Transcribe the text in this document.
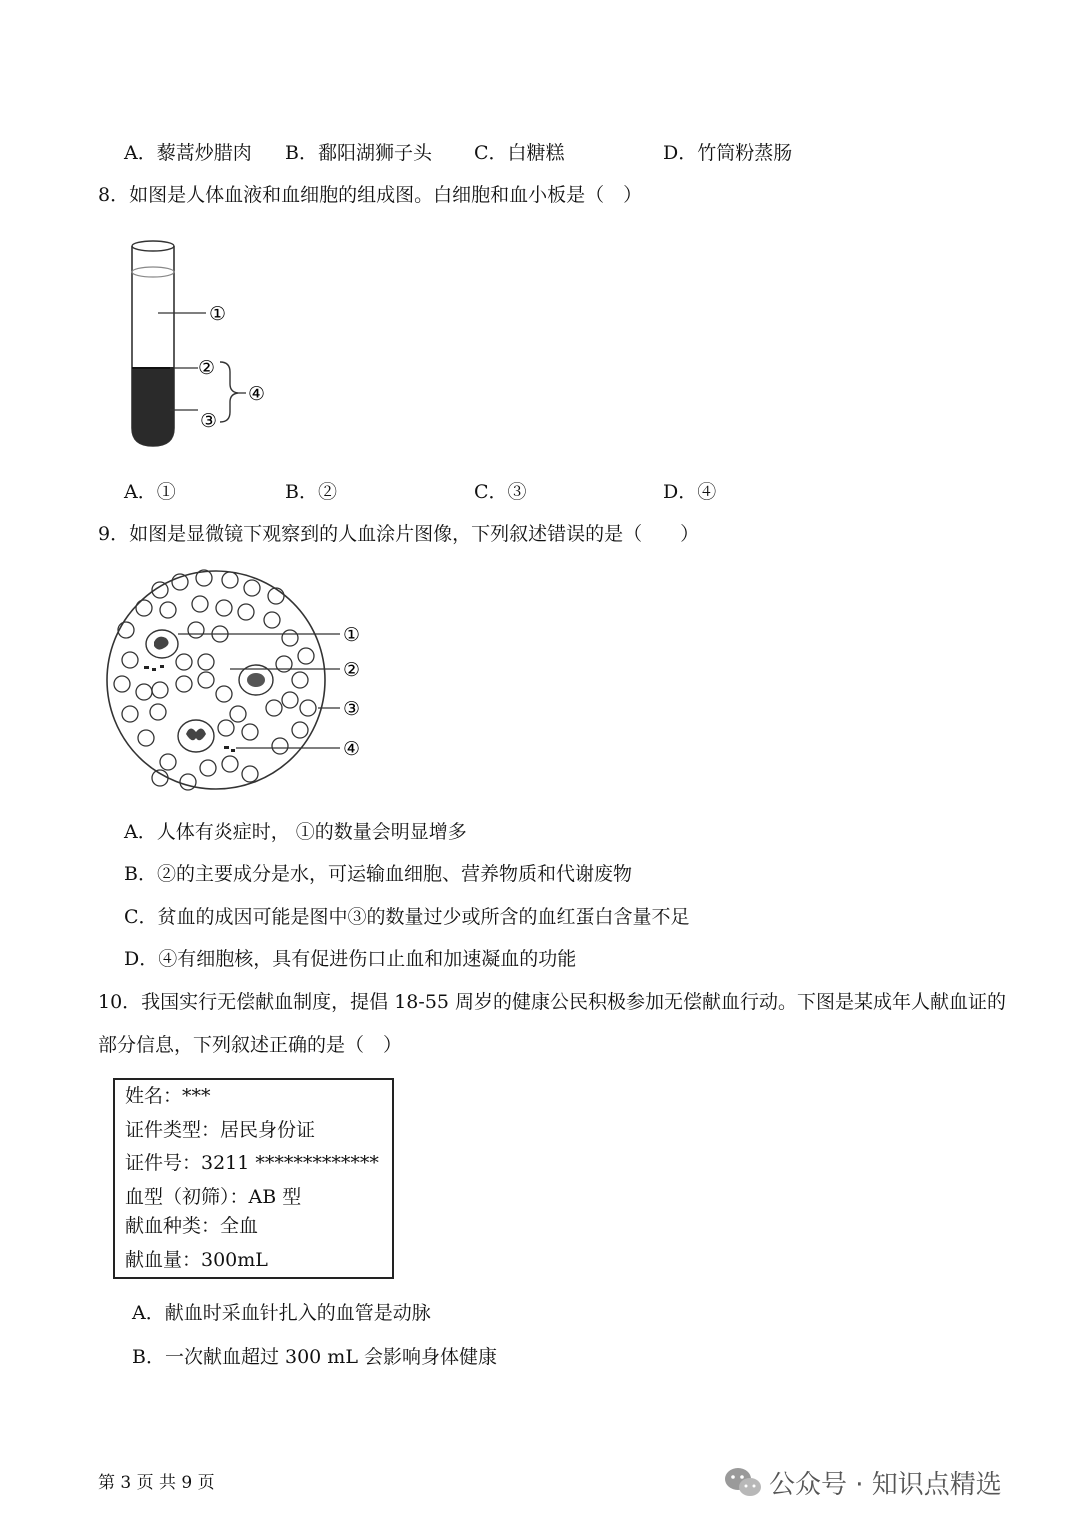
A．藜蒿炒腊肉 B．鄱阳湖狮子头 C．白糖糕	D．竹筒粉蒸肠
8．如图是人体血液和血细胞的组成图。白细胞和血小板是（　）
①
②
③
④
A．①	B．②	C．③	D．④
9．如图是显微镜下观察到的人血涂片图像，下列叙述错误的是（　　）
①
②
③
④
A．人体有炎症时， ①的数量会明显增多
B．②的主要成分是水，可运输血细胞、营养物质和代谢废物
C．贫血的成因可能是图中③的数量过少或所含的血红蛋白含量不足
D．④有细胞核，具有促进伤口止血和加速凝血的功能
10．我国实行无偿献血制度，提倡 18-55 周岁的健康公民积极参加无偿献血行动。下图是某成年人献血证的
部分信息，下列叙述正确的是（　）
姓名：***
证件类型：居民身份证
证件号：3211 *************
血型（初筛）：AB 型
献血种类：全血
献血量：300mL
A．献血时采血针扎入的血管是动脉
B．一次献血超过 300 mL 会影响身体健康
第 3 页 共 9 页	公众号 · 知识点精选
